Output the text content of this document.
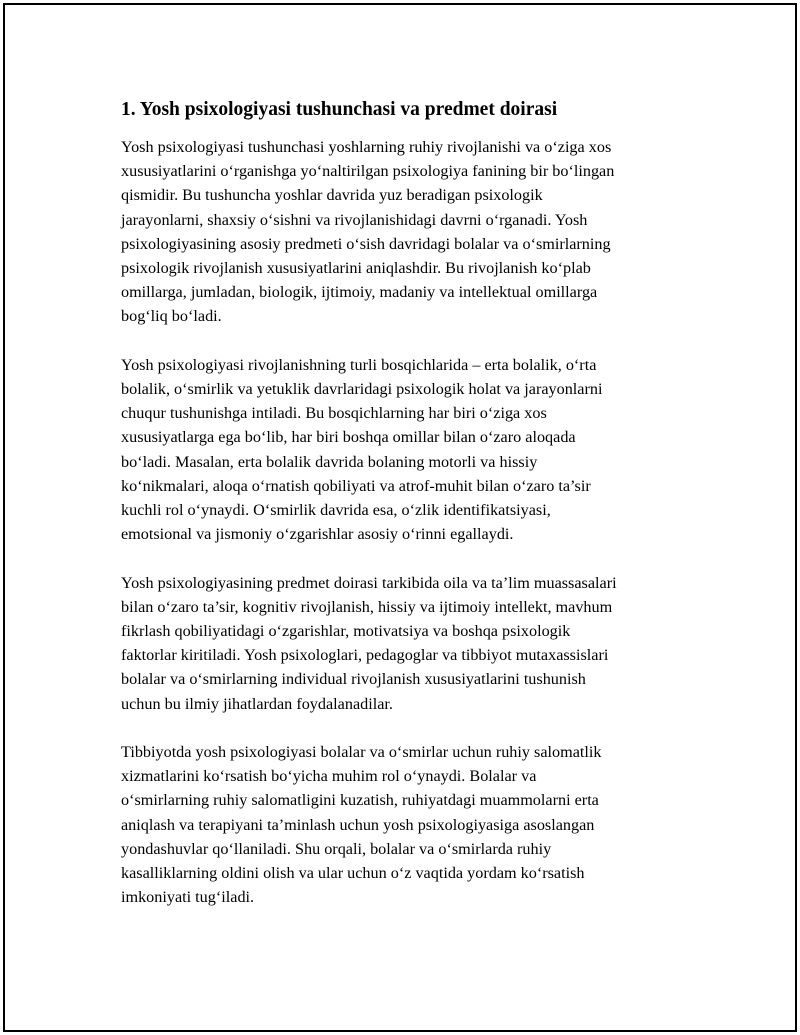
1. Yosh psixologiyasi tushunchasi va predmet doirasi

Yosh psixologiyasi tushunchasi yoshlarning ruhiy rivojlanishi va o‘ziga xos
xususiyatlarini o‘rganishga yo‘naltirilgan psixologiya fanining bir bo‘lingan
qismidir. Bu tushuncha yoshlar davrida yuz beradigan psixologik
jarayonlarni, shaxsiy o‘sishni va rivojlanishidagi davrni o‘rganadi. Yosh
psixologiyasining asosiy predmeti o‘sish davridagi bolalar va o‘smirlarning
psixologik rivojlanish xususiyatlarini aniqlashdir. Bu rivojlanish ko‘plab
omillarga, jumladan, biologik, ijtimoiy, madaniy va intellektual omillarga
bog‘liq bo‘ladi.

Yosh psixologiyasi rivojlanishning turli bosqichlarida – erta bolalik, o‘rta
bolalik, o‘smirlik va yetuklik davrlaridagi psixologik holat va jarayonlarni
chuqur tushunishga intiladi. Bu bosqichlarning har biri o‘ziga xos
xususiyatlarga ega bo‘lib, har biri boshqa omillar bilan o‘zaro aloqada
bo‘ladi. Masalan, erta bolalik davrida bolaning motorli va hissiy
ko‘nikmalari, aloqa o‘rnatish qobiliyati va atrof-muhit bilan o‘zaro ta’sir
kuchli rol o‘ynaydi. O‘smirlik davrida esa, o‘zlik identifikatsiyasi,
emotsional va jismoniy o‘zgarishlar asosiy o‘rinni egallaydi.

Yosh psixologiyasining predmet doirasi tarkibida oila va ta’lim muassasalari
bilan o‘zaro ta’sir, kognitiv rivojlanish, hissiy va ijtimoiy intellekt, mavhum
fikrlash qobiliyatidagi o‘zgarishlar, motivatsiya va boshqa psixologik
faktorlar kiritiladi. Yosh psixologlari, pedagoglar va tibbiyot mutaxassislari
bolalar va o‘smirlarning individual rivojlanish xususiyatlarini tushunish
uchun bu ilmiy jihatlardan foydalanadilar.

Tibbiyotda yosh psixologiyasi bolalar va o‘smirlar uchun ruhiy salomatlik
xizmatlarini ko‘rsatish bo‘yicha muhim rol o‘ynaydi. Bolalar va
o‘smirlarning ruhiy salomatligini kuzatish, ruhiyatdagi muammolarni erta
aniqlash va terapiyani ta’minlash uchun yosh psixologiyasiga asoslangan
yondashuvlar qo‘llaniladi. Shu orqali, bolalar va o‘smirlarda ruhiy
kasalliklarning oldini olish va ular uchun o‘z vaqtida yordam ko‘rsatish
imkoniyati tug‘iladi.
